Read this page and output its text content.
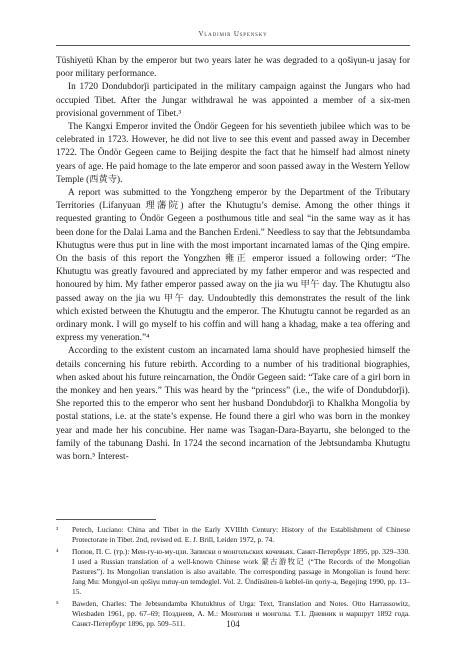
Vladimir Uspensky

Tüshiyetü Khan by the emperor but two years later he was degraded to a qošiγun-u jasaγ for poor military performance.

In 1720 Dondubdorǰi participated in the military campaign against the Jungars who had occupied Tibet. After the Jungar withdrawal he was appointed a member of a six-men provisional government of Tibet.³

The Kangxi Emperor invited the Öndör Gegeen for his seventieth jubilee which was to be celebrated in 1723. However, he did not live to see this event and passed away in December 1722. The Öndör Gegeen came to Beijing despite the fact that he himself had almost ninety years of age. He paid homage to the late emperor and soon passed away in the Western Yellow Temple (西黄寺).

A report was submitted to the Yongzheng emperor by the Department of the Tributary Territories (Lifanyuan 理藩院) after the Khutugtu’s demise. Among the other things it requested granting to Öndör Gegeen a posthumous title and seal “in the same way as it has been done for the Dalai Lama and the Banchen Erdeni.” Needless to say that the Jebtsundamba Khutugtus were thus put in line with the most important incarnated lamas of the Qing empire. On the basis of this report the Yongzhen 雍正 emperor issued a following order: “The Khutugtu was greatly favoured and appreciated by my father emperor and was respected and honoured by him. My father emperor passed away on the jia wu 甲午 day. The Khutugtu also passed away on the jia wu 甲午 day. Undoubtedly this demonstrates the result of the link which existed between the Khutugtu and the emperor. The Khutugtu cannot be regarded as an ordinary monk. I will go myself to his coffin and will hang a khadag, make a tea offering and express my veneration.”⁴

According to the existent custom an incarnated lama should have prophesied himself the details concerning his future rebirth. According to a number of his traditional biographies, when asked about his future reincarnation, the Öndör Gegeen said: “Take care of a girl born in the monkey and hen years.” This was heard by the “princess” (i.e., the wife of Dondubdorǰi). She reported this to the emperor who sent her husband Dondubdorǰi to Khalkha Mongolia by postal stations, i.e. at the state’s expense. He found there a girl who was born in the monkey year and made her his concubine. Her name was Tsagan-Dara-Bayartu, she belonged to the family of the tabunang Dashi. In 1724 the second incarnation of the Jebtsundamba Khutugtu was born.⁵ Interest-

³	Petech, Luciano: China and Tibet in the Early XVIIIth Century: History of the Establishment of Chinese Protectorate in Tibet. 2nd, revised ed. E. J. Brill, Leiden 1972, p. 74.
⁴	Попов, П. С. (тр.): Мен-гу-ю-му-цзи. Записки о монгольских кочевьях. Санкт-Петербург 1895, pp. 329–330. I used a Russian translation of a well-known Chinese work 蒙古游牧记 (“The Records of the Mongolian Pastures”). Its Mongolian translation is also available. The corresponding passage in Mongolian is found here: Jang Mu: Mongγol-un qošiγu nutuγ-un temdeglel. Vol. 2. Ündüsüten-ü keblel-ün qoriy-a, Begejing 1990, pp. 13–15.
⁵	Bawden, Charles: The Jebtsundamba Khutukhtus of Urga: Text, Translation and Notes. Otto Harrassowitz, Wiesbaden 1961, pp. 67–69; Позднеев, А. М.: Монголия и монголы. Т.1. Дневник и маршрут 1892 года. Санкт-Петербург 1896, pp. 509–511.	104
